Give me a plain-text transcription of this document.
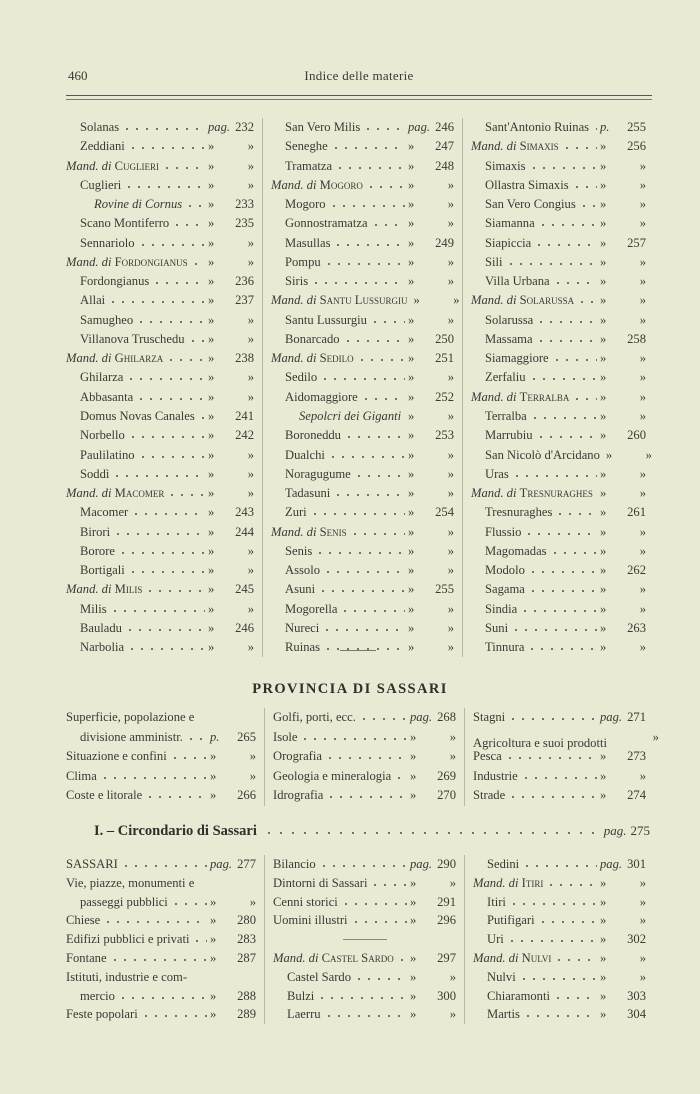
460	Indice delle materie
Solanas	pag. 232
Zeddiani	»	»
Mand. di Cuglieri	»	»
Cuglieri	»	»
Rovine di Cornus » 233
Scano Montiferro	» 235
Sennariolo	»	»
Mand. di Fordongianus »	»
Fordongianus	» 236
Allai	» 237
Samugheo	»	»
Villanova Truschedu »	»
Mand. di Ghilarza	» 238
Ghilarza	»	»
Abbasanta	»	»
Domus Novas Canales » 241
Norbello	» 242
Paulilatino	»	»
Soddì	»	»
Mand. di Macomer	»	»
Macomer	» 243
Birori	» 244
Borore	»	»
Bortigali	»	»
Mand. di Milis	» 245
Milis	»	»
Bauladu	» 246
Narbolia	»	»
San Vero Milis	pag. 246
Seneghe	» 247
Tramatza	» 248
Mand. di Mogoro	»	»
Mogoro	»	»
Gonnostramatza	»	»
Masullas	» 249
Pompu	»	»
Siris	»	»
Mand. di Santu Lussurgiu »	»
Santu Lussurgiu	»	»
Bonarcado	» 250
Mand. di Sedilo	» 251
Sedilo	»	»
Aidomaggiore	» 252
Sepolcri dei Giganti »	»
Boroneddu	» 253
Dualchi	»	»
Noragugume	»	»
Tadasuni	»	»
Zuri	» 254
Mand. di Senis	»	»
Senis	»	»
Assolo	»	»
Asuni	» 255
Mogorella	»	»
Nureci	»	»
Ruinas	»	»
Sant'Antonio Ruinas p. 255
Mand. di Simaxis	» 256
Simaxis	»	»
Ollastra Simaxis »	»
San Vero Congius »	»
Siamanna	»	»
Siapiccia	» 257
Sili	»	»
Villa Urbana	»	»
Mand. di Solarussa »	»
Solarussa	»	»
Massama	» 258
Siamaggiore	»	»
Zerfaliu	»	»
Mand. di Terralba »	»
Terralba	»	»
Marrubiu	» 260
San Nicolò d'Arcidano »	»
Uras	»	»
Mand. di Tresnuraghes »	»
Tresnuraghes	» 261
Flussio	»	»
Magomadas	»	»
Modolo	» 262
Sagama	»	»
Sindia	»	»
Suni	» 263
Tinnura	»	»
PROVINCIA DI SASSARI
Superficie, popolazione e
divisione amministr. p. 265
Situazione e confini	»	»
Clima	»	»
Coste e litorale	» 266
Golfi, porti, ecc.	pag. 268
Isole	»	»
Orografia	»	»
Geologia e mineralogia » 269
Idrografia	» 270
Stagni	pag. 271
Agricoltura e suoi prodotti	»
Pesca	» 273
Industrie	»	»
Strade	» 274
I. – Circondario di Sassari	pag. 275
SASSARI	pag. 277
Vie, piazze, monumenti e
passeggi pubblici	»	»
Chiese	» 280
Edifizi pubblici e privati » 283
Fontane	» 287
Istituti, industrie e com-
mercio	» 288
Feste popolari	» 289
Bilancio	pag. 290
Dintorni di Sassari	»	»
Cenni storici	» 291
Uomini illustri	» 296
Mand. di Castel Sardo » 297
Castel Sardo	»	»
Bulzi	» 300
Laerru	»	»
Sedini	pag. 301
Mand. di Itiri	»	»
Itiri	»	»
Putifigari	»	»
Uri	» 302
Mand. di Nulvi	»	»
Nulvi	»	»
Chiaramonti	» 303
Martis	» 304
